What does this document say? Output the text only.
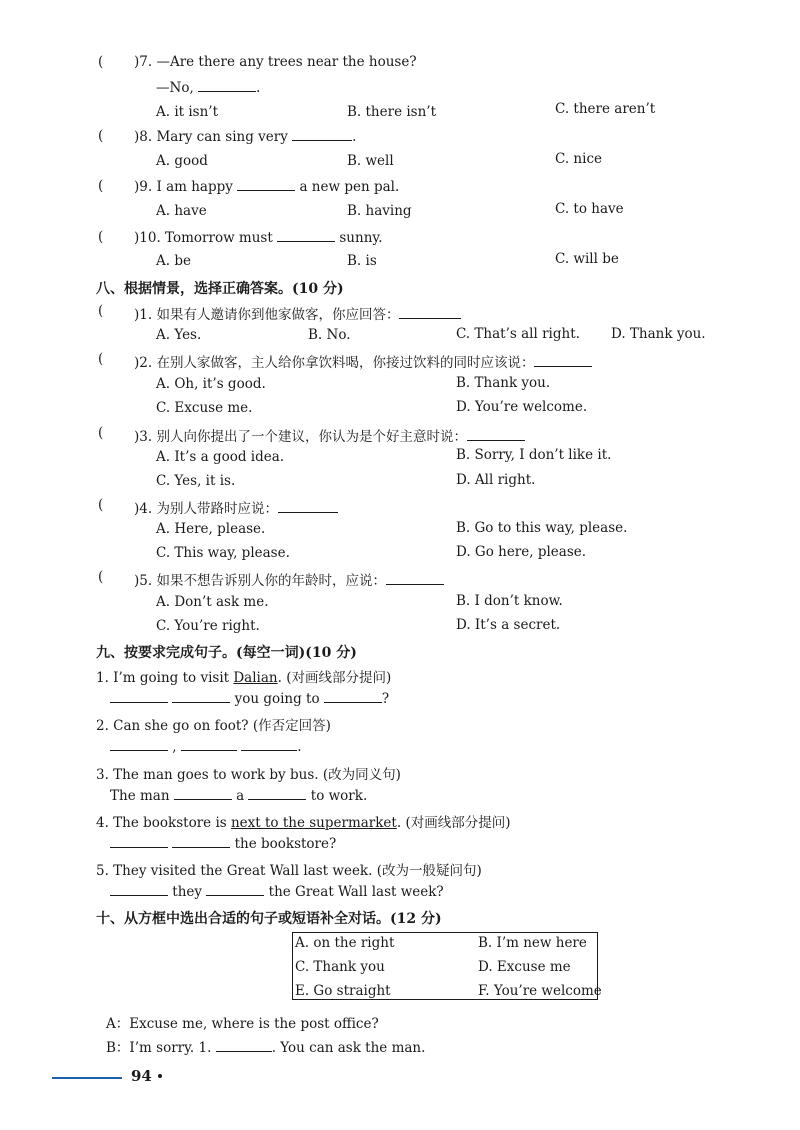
( )7. —Are there any trees near the house?
—No,	.
A. it isn’t	B. there isn’t	C. there aren’t
( )8. Mary can sing very	.
A. good	B. well	C. nice
( )9. I am happy	a new pen pal.
A. have	B. having	C. to have
( )10. Tomorrow must	sunny.
A. be	B. is	C. will be
八、根据情景，选择正确答案。(10 分)
( )1. 如果有人邀请你到他家做客，你应回答：
A. Yes.	B. No.	C. That’s all right. D. Thank you.
( )2. 在别人家做客，主人给你拿饮料喝，你接过饮料的同时应该说：
A. Oh, it’s good.	B. Thank you.
C. Excuse me.	D. You’re welcome.
( )3. 别人向你提出了一个建议，你认为是个好主意时说：
A. It’s a good idea.	B. Sorry, I don’t like it.
C. Yes, it is.	D. All right.
( )4. 为别人带路时应说：
A. Here, please.	B. Go to this way, please.
C. This way, please.	D. Go here, please.
( )5. 如果不想告诉别人你的年龄时，应说：
A. Don’t ask me.	B. I don’t know.
C. You’re right.	D. It’s a secret.
九、按要求完成句子。(每空一词)(10 分)
1. I’m going to visit Dalian. (对画线部分提问)
you going to	?
2. Can she go on foot? (作否定回答)
,	.
3. The man goes to work by bus. (改为同义句)
The man	a	to work.
4. The bookstore is next to the supermarket. (对画线部分提问)
the bookstore?
5. They visited the Great Wall last week. (改为一般疑问句)
they	the Great Wall last week?
十、从方框中选出合适的句子或短语补全对话。(12 分)
A. on the right	B. I’m new here
C. Thank you	D. Excuse me
E. Go straight	F. You’re welcome
A：Excuse me, where is the post office?
B：I’m sorry. 1.	. You can ask the man.
94
